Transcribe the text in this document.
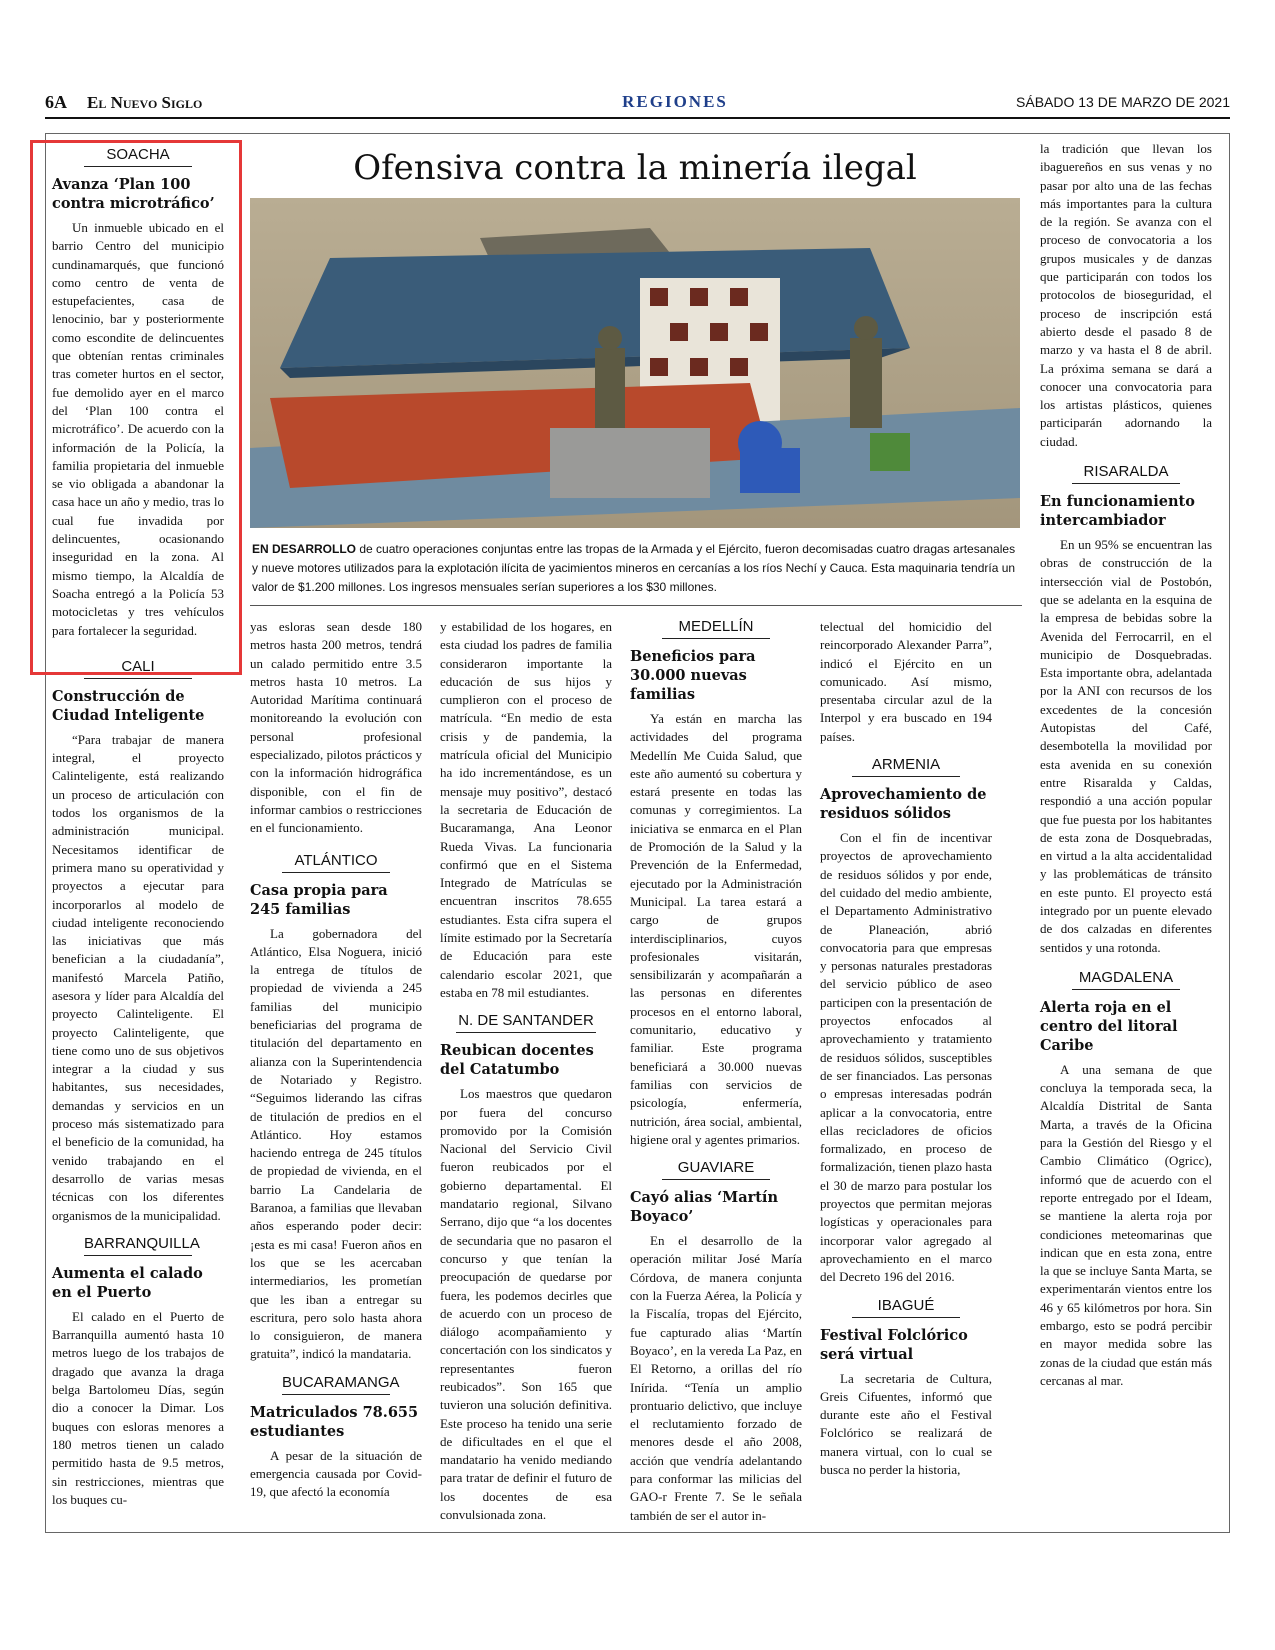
6A El Nuevo Siglo	REGIONES	SÁBADO 13 DE MARZO DE 2021
SOACHA
Avanza ‘Plan 100 contra microtráfico’

Un inmueble ubicado en el barrio Centro del municipio cundinamarqués, que funcionó como centro de venta de estupefacientes, casa de lenocinio, bar y posteriormente como escondite de delincuentes que obtenían rentas criminales tras cometer hurtos en el sector, fue demolido ayer en el marco del ‘Plan 100 contra el microtráfico’. De acuerdo con la información de la Policía, la familia propietaria del inmueble se vio obligada a abandonar la casa hace un año y medio, tras lo cual fue invadida por delincuentes, ocasionando inseguridad en la zona. Al mismo tiempo, la Alcaldía de Soacha entregó a la Policía 53 motocicletas y tres vehículos para fortalecer la seguridad.

CALI
Construcción de Ciudad Inteligente

“Para trabajar de manera integral, el proyecto Calinteligente, está realizando un proceso de articulación con todos los organismos de la administración municipal. Necesitamos identificar de primera mano su operatividad y proyectos a ejecutar para incorporarlos al modelo de ciudad inteligente reconociendo las iniciativas que más benefician a la ciudadanía”, manifestó Marcela Patiño, asesora y líder para Alcaldía del proyecto Calinteligente. El proyecto Calinteligente, que tiene como uno de sus objetivos integrar a la ciudad y sus habitantes, sus necesidades, demandas y servicios en un proceso más sistematizado para el beneficio de la comunidad, ha venido trabajando en el desarrollo de varias mesas técnicas con los diferentes organismos de la municipalidad.

BARRANQUILLA
Aumenta el calado en el Puerto

El calado en el Puerto de Barranquilla aumentó hasta 10 metros luego de los trabajos de dragado que avanza la draga belga Bartolomeu Días, según dio a conocer la Dimar. Los buques con esloras menores a 180 metros tienen un calado permitido hasta de 9.5 metros, sin restricciones, mientras que los buques cu-

Ofensiva contra la minería ilegal
EN DESARROLLO de cuatro operaciones conjuntas entre las tropas de la Armada y el Ejército, fueron decomisadas cuatro dragas artesanales y nueve motores utilizados para la explotación ilícita de yacimientos mineros en cercanías a los ríos Nechí y Cauca. Esta maquinaria tendría un valor de $1.200 millones. Los ingresos mensuales serían superiores a los $30 millones.

yas esloras sean desde 180 metros hasta 200 metros, tendrá un calado permitido entre 3.5 metros hasta 10 metros. La Autoridad Marítima continuará monitoreando la evolución con personal profesional especializado, pilotos prácticos y con la información hidrográfica disponible, con el fin de informar cambios o restricciones en el funcionamiento.

ATLÁNTICO
Casa propia para 245 familias

La gobernadora del Atlántico, Elsa Noguera, inició la entrega de títulos de propiedad de vivienda a 245 familias del municipio beneficiarias del programa de titulación del departamento en alianza con la Superintendencia de Notariado y Registro. “Seguimos liderando las cifras de titulación de predios en el Atlántico. Hoy estamos haciendo entrega de 245 títulos de propiedad de vivienda, en el barrio La Candelaria de Baranoa, a familias que llevaban años esperando poder decir: ¡esta es mi casa! Fueron años en los que se les acercaban intermediarios, les prometían que les iban a entregar su escritura, pero solo hasta ahora lo consiguieron, de manera gratuita”, indicó la mandataria.

BUCARAMANGA
Matriculados 78.655 estudiantes

A pesar de la situación de emergencia causada por Covid-19, que afectó la economía

y estabilidad de los hogares, en esta ciudad los padres de familia consideraron importante la educación de sus hijos y cumplieron con el proceso de matrícula. “En medio de esta crisis y de pandemia, la matrícula oficial del Municipio ha ido incrementándose, es un mensaje muy positivo”, destacó la secretaria de Educación de Bucaramanga, Ana Leonor Rueda Vivas. La funcionaria confirmó que en el Sistema Integrado de Matrículas se encuentran inscritos 78.655 estudiantes. Esta cifra supera el límite estimado por la Secretaría de Educación para este calendario escolar 2021, que estaba en 78 mil estudiantes.

N. DE SANTANDER
Reubican docentes del Catatumbo

Los maestros que quedaron por fuera del concurso promovido por la Comisión Nacional del Servicio Civil fueron reubicados por el gobierno departamental. El mandatario regional, Silvano Serrano, dijo que “a los docentes de secundaria que no pasaron el concurso y que tenían la preocupación de quedarse por fuera, les podemos decirles que de acuerdo con un proceso de diálogo acompañamiento y concertación con los sindicatos y representantes fueron reubicados”. Son 165 que tuvieron una solución definitiva. Este proceso ha tenido una serie de dificultades en el que el mandatario ha venido mediando para tratar de definir el futuro de los docentes de esa convulsionada zona.

MEDELLÍN
Beneficios para 30.000 nuevas familias

Ya están en marcha las actividades del programa Medellín Me Cuida Salud, que este año aumentó su cobertura y estará presente en todas las comunas y corregimientos. La iniciativa se enmarca en el Plan de Promoción de la Salud y la Prevención de la Enfermedad, ejecutado por la Administración Municipal. La tarea estará a cargo de grupos interdisciplinarios, cuyos profesionales visitarán, sensibilizarán y acompañarán a las personas en diferentes procesos en el entorno laboral, comunitario, educativo y familiar. Este programa beneficiará a 30.000 nuevas familias con servicios de psicología, enfermería, nutrición, área social, ambiental, higiene oral y agentes primarios.

GUAVIARE
Cayó alias ‘Martín Boyaco’

En el desarrollo de la operación militar José María Córdova, de manera conjunta con la Fuerza Aérea, la Policía y la Fiscalía, tropas del Ejército, fue capturado alias ‘Martín Boyaco’, en la vereda La Paz, en El Retorno, a orillas del río Inírida. “Tenía un amplio prontuario delictivo, que incluye el reclutamiento forzado de menores desde el año 2008, acción que vendría adelantando para conformar las milicias del GAO-r Frente 7. Se le señala también de ser el autor in-

telectual del homicidio del reincorporado Alexander Parra”, indicó el Ejército en un comunicado. Así mismo, presentaba circular azul de la Interpol y era buscado en 194 países.

ARMENIA
Aprovechamiento de residuos sólidos

Con el fin de incentivar proyectos de aprovechamiento de residuos sólidos y por ende, del cuidado del medio ambiente, el Departamento Administrativo de Planeación, abrió convocatoria para que empresas y personas naturales prestadoras del servicio público de aseo participen con la presentación de proyectos enfocados al aprovechamiento y tratamiento de residuos sólidos, susceptibles de ser financiados. Las personas o empresas interesadas podrán aplicar a la convocatoria, entre ellas recicladores de oficios formalizado, en proceso de formalización, tienen plazo hasta el 30 de marzo para postular los proyectos que permitan mejoras logísticas y operacionales para incorporar valor agregado al aprovechamiento en el marco del Decreto 196 del 2016.

IBAGUÉ
Festival Folclórico será virtual

La secretaria de Cultura, Greis Cifuentes, informó que durante este año el Festival Folclórico se realizará de manera virtual, con lo cual se busca no perder la historia,

la tradición que llevan los ibaguereños en sus venas y no pasar por alto una de las fechas más importantes para la cultura de la región. Se avanza con el proceso de convocatoria a los grupos musicales y de danzas que participarán con todos los protocolos de bioseguridad, el proceso de inscripción está abierto desde el pasado 8 de marzo y va hasta el 8 de abril. La próxima semana se dará a conocer una convocatoria para los artistas plásticos, quienes participarán adornando la ciudad.

RISARALDA
En funcionamiento intercambiador

En un 95% se encuentran las obras de construcción de la intersección vial de Postobón, que se adelanta en la esquina de la empresa de bebidas sobre la Avenida del Ferrocarril, en el municipio de Dosquebradas. Esta importante obra, adelantada por la ANI con recursos de los excedentes de la concesión Autopistas del Café, desembotella la movilidad por esta avenida en su conexión entre Risaralda y Caldas, respondió a una acción popular que fue puesta por los habitantes de esta zona de Dosquebradas, en virtud a la alta accidentalidad y las problemáticas de tránsito en este punto. El proyecto está integrado por un puente elevado de dos calzadas en diferentes sentidos y una rotonda.

MAGDALENA
Alerta roja en el centro del litoral Caribe

A una semana de que concluya la temporada seca, la Alcaldía Distrital de Santa Marta, a través de la Oficina para la Gestión del Riesgo y el Cambio Climático (Ogricc), informó que de acuerdo con el reporte entregado por el Ideam, se mantiene la alerta roja por condiciones meteomarinas que indican que en esta zona, entre la que se incluye Santa Marta, se experimentarán vientos entre los 46 y 65 kilómetros por hora. Sin embargo, esto se podrá percibir en mayor medida sobre las zonas de la ciudad que están más cercanas al mar.
